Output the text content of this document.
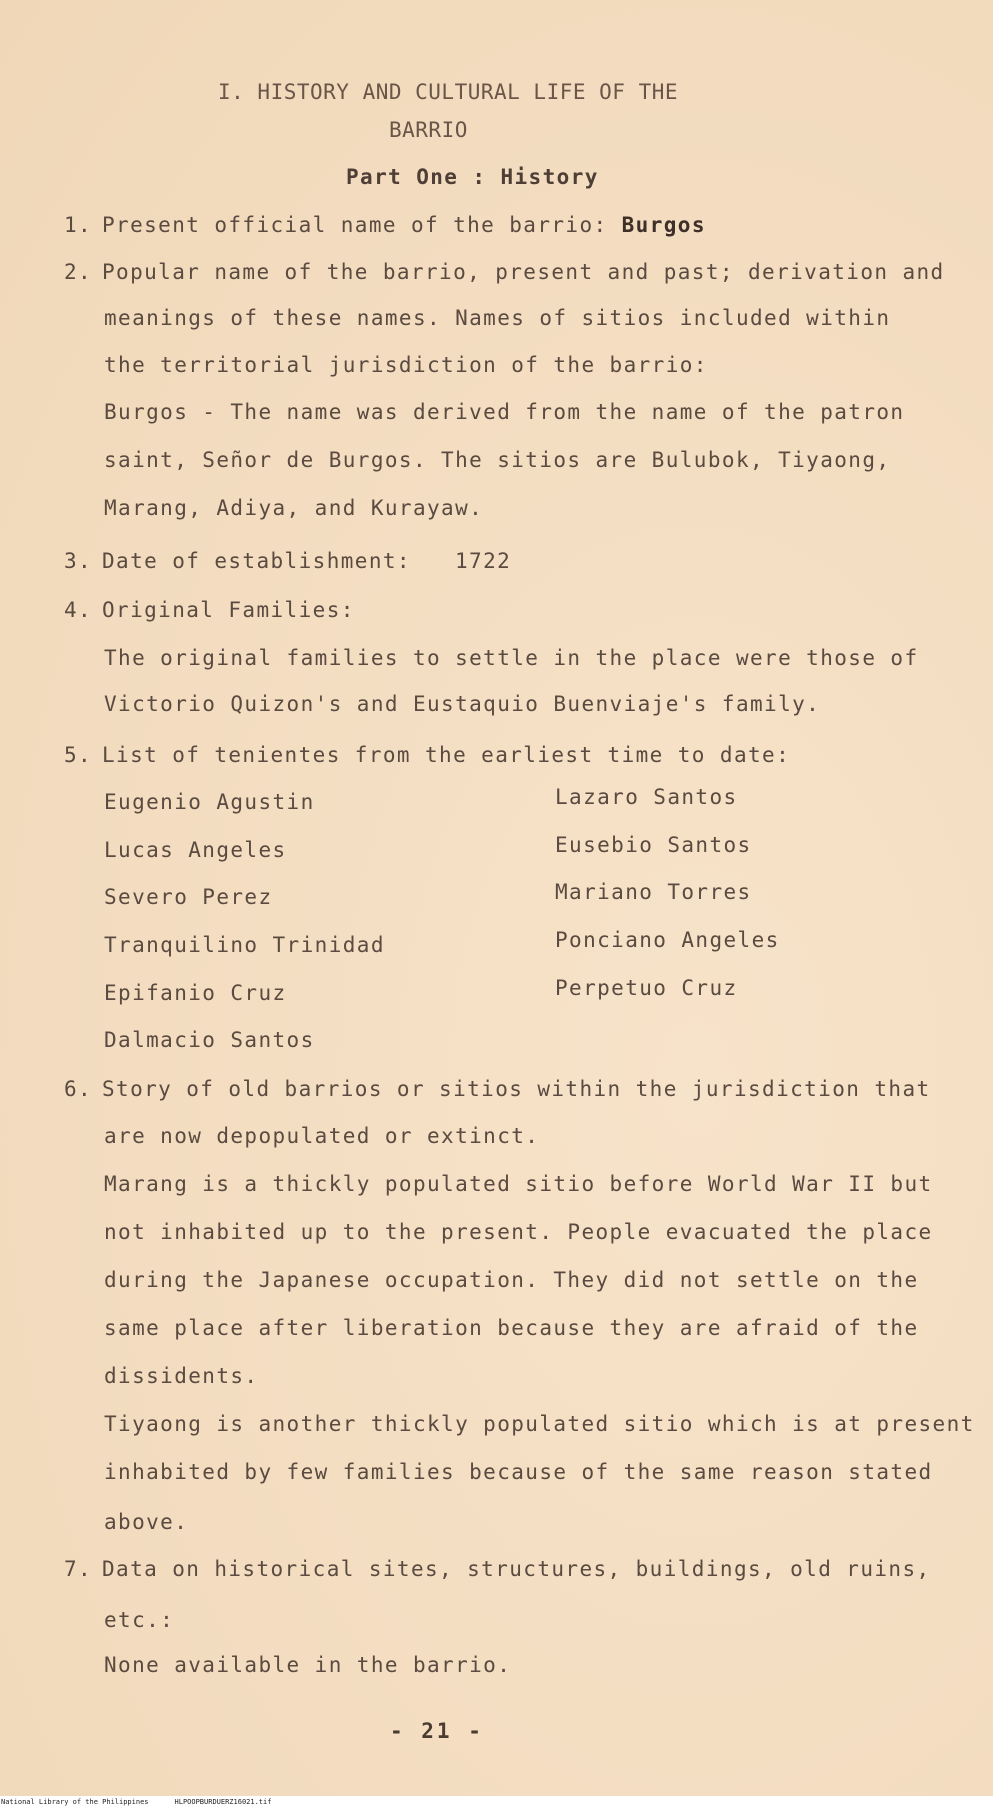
I. HISTORY AND CULTURAL LIFE OF THE
BARRIO
Part One : History
1. Present official name of the barrio: Burgos
2. Popular name of the barrio, present and past; derivation and
meanings of these names. Names of sitios included within
the territorial jurisdiction of the barrio:
Burgos - The name was derived from the name of the patron
saint, Señor de Burgos. The sitios are Bulubok, Tiyaong,
Marang, Adiya, and Kurayaw.
3. Date of establishment: 1722
4. Original Families:
The original families to settle in the place were those of
Victorio Quizon's and Eustaquio Buenviaje's family.
5. List of tenientes from the earliest time to date:
Eugenio Agustin
Lucas Angeles
Severo Perez
Tranquilino Trinidad
Epifanio Cruz
Dalmacio Santos
Lazaro Santos
Eusebio Santos
Mariano Torres
Ponciano Angeles
Perpetuo Cruz
6. Story of old barrios or sitios within the jurisdiction that
are now depopulated or extinct.
Marang is a thickly populated sitio before World War II but
not inhabited up to the present. People evacuated the place
during the Japanese occupation. They did not settle on the
same place after liberation because they are afraid of the
dissidents.
Tiyaong is another thickly populated sitio which is at present
inhabited by few families because of the same reason stated
above.
7. Data on historical sites, structures, buildings, old ruins,
etc.:
None available in the barrio.
- 21 -
National Library of the Philippines	HLPOOPBURDUERZ16021.tif
